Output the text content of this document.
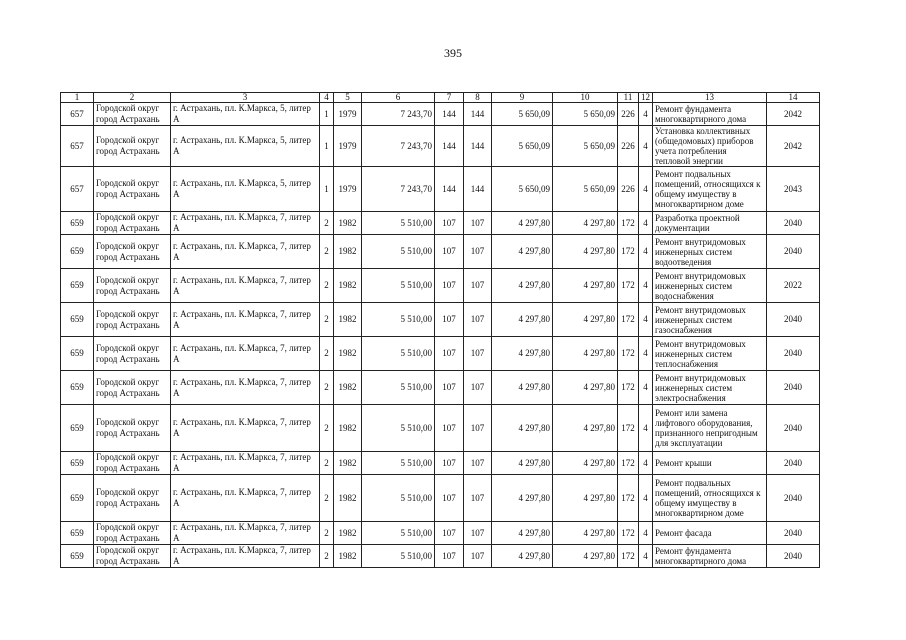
395
1	2	3	4	5	6	7	8	9	10	11	12	13	14
657	Городской округ город Астрахань	г. Астрахань, пл. К.Маркса, 5, литер А	1	1979	7 243,70	144	144	5 650,09	5 650,09	226	4	Ремонт фундамента многоквартирного дома	2042
657	Городской округ город Астрахань	г. Астрахань, пл. К.Маркса, 5, литер А	1	1979	7 243,70	144	144	5 650,09	5 650,09	226	4	Установка коллективных (общедомовых) приборов учета потребления тепловой энергии	2042
657	Городской округ город Астрахань	г. Астрахань, пл. К.Маркса, 5, литер А	1	1979	7 243,70	144	144	5 650,09	5 650,09	226	4	Ремонт подвальных помещений, относящихся к общему имуществу в многоквартирном доме	2043
659	Городской округ город Астрахань	г. Астрахань, пл. К.Маркса, 7, литер А	2	1982	5 510,00	107	107	4 297,80	4 297,80	172	4	Разработка проектной документации	2040
659	Городской округ город Астрахань	г. Астрахань, пл. К.Маркса, 7, литер А	2	1982	5 510,00	107	107	4 297,80	4 297,80	172	4	Ремонт внутридомовых инженерных систем водоотведения	2040
659	Городской округ город Астрахань	г. Астрахань, пл. К.Маркса, 7, литер А	2	1982	5 510,00	107	107	4 297,80	4 297,80	172	4	Ремонт внутридомовых инженерных систем водоснабжения	2022
659	Городской округ город Астрахань	г. Астрахань, пл. К.Маркса, 7, литер А	2	1982	5 510,00	107	107	4 297,80	4 297,80	172	4	Ремонт внутридомовых инженерных систем газоснабжения	2040
659	Городской округ город Астрахань	г. Астрахань, пл. К.Маркса, 7, литер А	2	1982	5 510,00	107	107	4 297,80	4 297,80	172	4	Ремонт внутридомовых инженерных систем теплоснабжения	2040
659	Городской округ город Астрахань	г. Астрахань, пл. К.Маркса, 7, литер А	2	1982	5 510,00	107	107	4 297,80	4 297,80	172	4	Ремонт внутридомовых инженерных систем электроснабжения	2040
659	Городской округ город Астрахань	г. Астрахань, пл. К.Маркса, 7, литер А	2	1982	5 510,00	107	107	4 297,80	4 297,80	172	4	Ремонт или замена лифтового оборудования, признанного непригодным для эксплуатации	2040
659	Городской округ город Астрахань	г. Астрахань, пл. К.Маркса, 7, литер А	2	1982	5 510,00	107	107	4 297,80	4 297,80	172	4	Ремонт крыши	2040
659	Городской округ город Астрахань	г. Астрахань, пл. К.Маркса, 7, литер А	2	1982	5 510,00	107	107	4 297,80	4 297,80	172	4	Ремонт подвальных помещений, относящихся к общему имуществу в многоквартирном доме	2040
659	Городской округ город Астрахань	г. Астрахань, пл. К.Маркса, 7, литер А	2	1982	5 510,00	107	107	4 297,80	4 297,80	172	4	Ремонт фасада	2040
659	Городской округ город Астрахань	г. Астрахань, пл. К.Маркса, 7, литер А	2	1982	5 510,00	107	107	4 297,80	4 297,80	172	4	Ремонт фундамента многоквартирного дома	2040
